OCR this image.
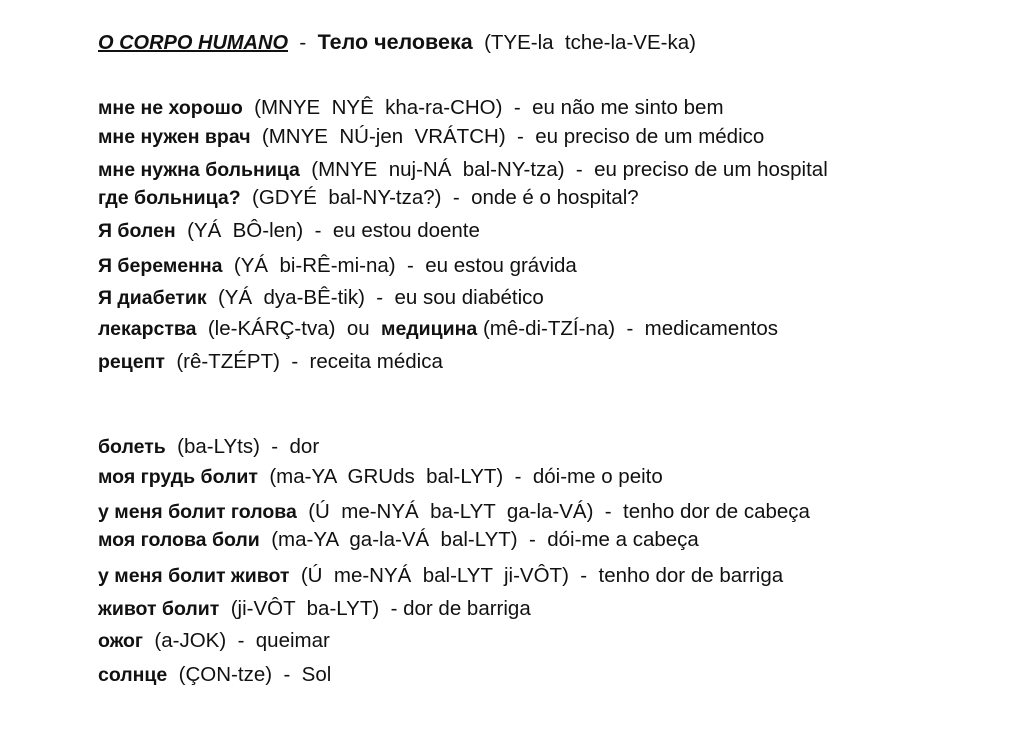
O CORPO HUMANO  -  Тело человека  (TYE-la  tche-la-VE-ka)
мне не хорошо  (MNYE  NYÊ  kha-ra-CHO)  -  eu não me sinto bem
мне нужен врач  (MNYE  NÚ-jen  VRÁTCH)  -  eu preciso de um médico
мне нужна больница  (MNYE  nuj-NÁ  bal-NY-tza)  -  eu preciso de um hospital
где больница?  (GDYÉ  bal-NY-tza?)  -  onde é o hospital?
Я болен  (YÁ  BÔ-len)  -  eu estou doente
Я беременна  (YÁ  bi-RÊ-mi-na)  -  eu estou grávida
Я диабетик  (YÁ  dya-BÊ-tik)  -  eu sou diabético
лекарства  (le-KÁRÇ-tva)  ou  медицина (mê-di-TZÍ-na)  -  medicamentos
рецепт  (rê-TZÉPT)  -  receita médica
болеть  (ba-LYts)  -  dor
моя грудь болит  (ma-YA  GRUds  bal-LYT)  -  dói-me o peito
у меня болит голова  (Ú  me-NYÁ  ba-LYT  ga-la-VÁ)  -  tenho dor de cabeça
моя голова боли  (ma-YA  ga-la-VÁ  bal-LYT)  -  dói-me a cabeça
у меня болит живот  (Ú  me-NYÁ  bal-LYT  ji-VÔT)  -  tenho dor de barriga
живот болит  (ji-VÔT  ba-LYT)  - dor de barriga
ожог  (a-JOK)  -  queimar
солнце  (ÇON-tze)  -  Sol
